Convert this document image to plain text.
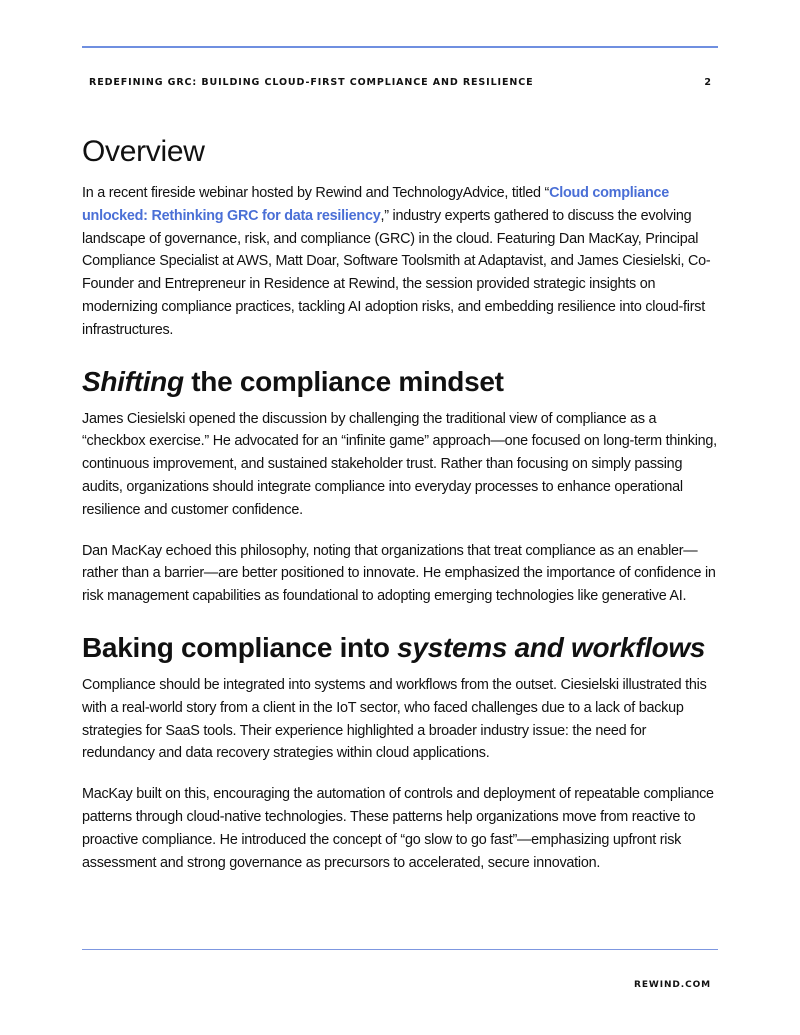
REDEFINING GRC: BUILDING CLOUD-FIRST COMPLIANCE AND RESILIENCE	2
Overview

In a recent fireside webinar hosted by Rewind and TechnologyAdvice, titled “Cloud compliance unlocked: Rethinking GRC for data resiliency,” industry experts gathered to discuss the evolving landscape of governance, risk, and compliance (GRC) in the cloud. Featuring Dan MacKay, Principal Compliance Specialist at AWS, Matt Doar, Software Toolsmith at Adaptavist, and James Ciesielski, Co-Founder and Entrepreneur in Residence at Rewind, the session provided strategic insights on modernizing compliance practices, tackling AI adoption risks, and embedding resilience into cloud-first infrastructures.

Shifting the compliance mindset

James Ciesielski opened the discussion by challenging the traditional view of compliance as a “checkbox exercise.” He advocated for an “infinite game” approach—one focused on long-term thinking, continuous improvement, and sustained stakeholder trust. Rather than focusing on simply passing audits, organizations should integrate compliance into everyday processes to enhance operational resilience and customer confidence.

Dan MacKay echoed this philosophy, noting that organizations that treat compliance as an enabler—rather than a barrier—are better positioned to innovate. He emphasized the importance of confidence in risk management capabilities as foundational to adopting emerging technologies like generative AI.

Baking compliance into systems and workflows

Compliance should be integrated into systems and workflows from the outset. Ciesielski illustrated this with a real-world story from a client in the IoT sector, who faced challenges due to a lack of backup strategies for SaaS tools. Their experience highlighted a broader industry issue: the need for redundancy and data recovery strategies within cloud applications.

MacKay built on this, encouraging the automation of controls and deployment of repeatable compliance patterns through cloud-native technologies. These patterns help organizations move from reactive to proactive compliance. He introduced the concept of “go slow to go fast”—emphasizing upfront risk assessment and strong governance as precursors to accelerated, secure innovation.

REWIND.COM
